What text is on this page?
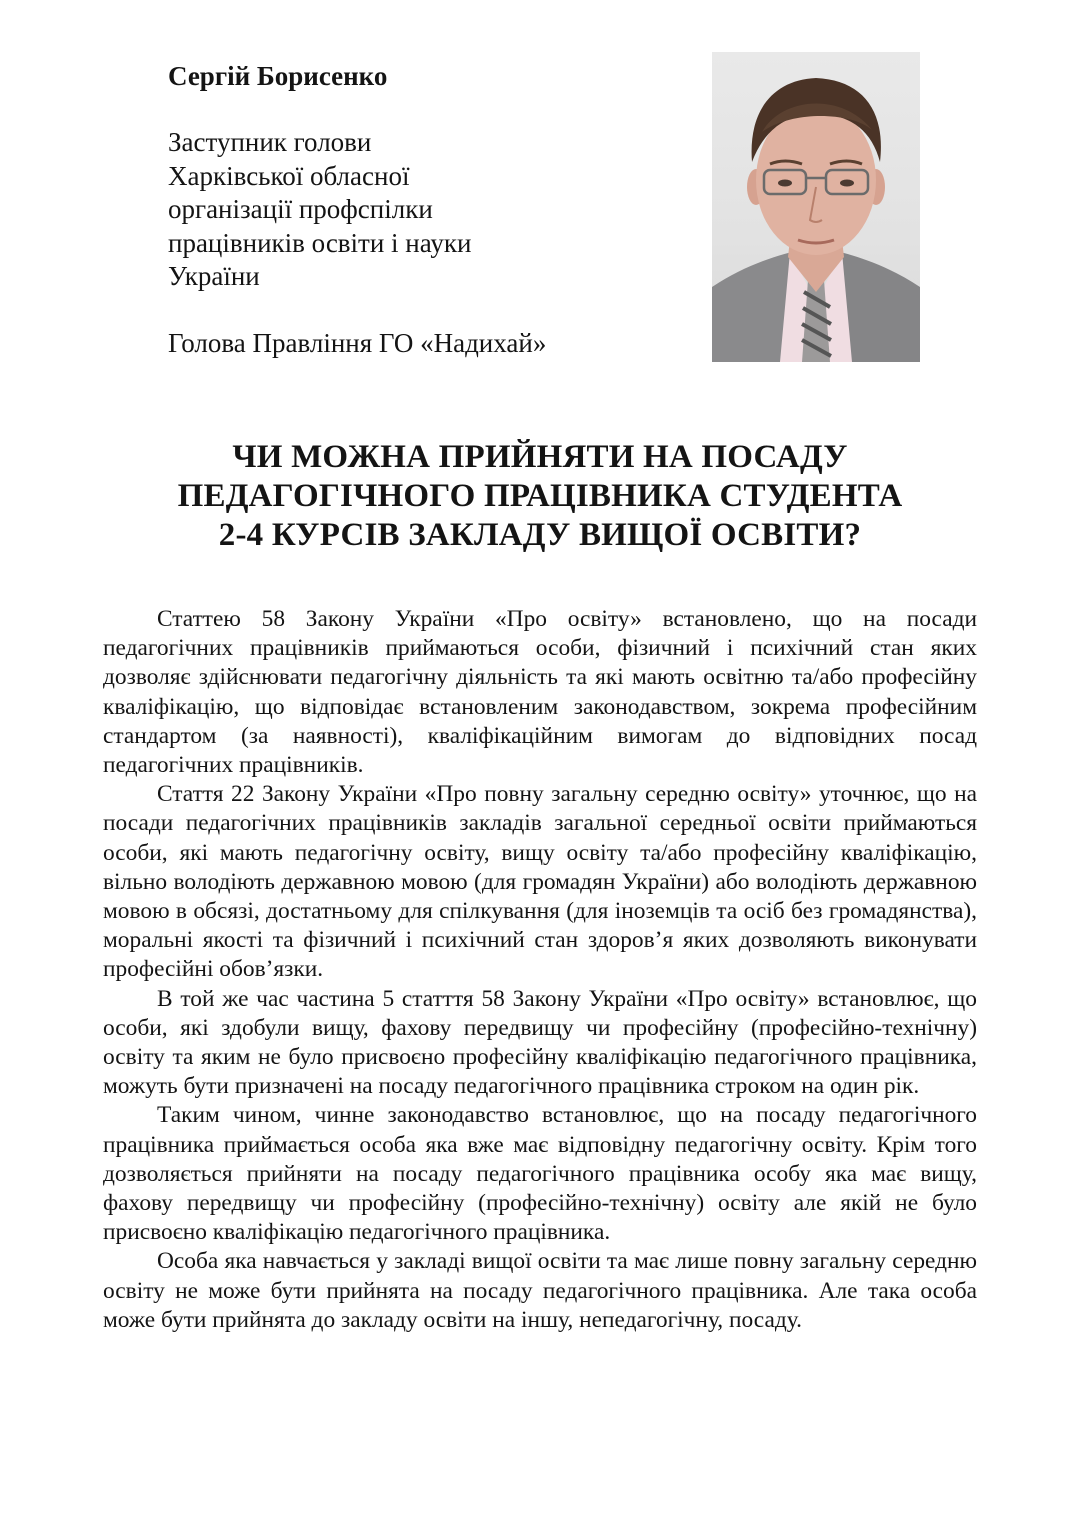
Сергій Борисенко

Заступник голови
Харківської обласної
організації профспілки
працівників освіти і науки
України

Голова Правління ГО «Надихай»

ЧИ МОЖНА ПРИЙНЯТИ НА ПОСАДУ
ПЕДАГОГІЧНОГО ПРАЦІВНИКА СТУДЕНТА
2-4 КУРСІВ ЗАКЛАДУ ВИЩОЇ ОСВІТИ?

Статтею 58 Закону України «Про освіту» встановлено, що на посади педагогічних працівників приймаються особи, фізичний і психічний стан яких дозволяє здійснювати педагогічну діяльність та які мають освітню та/або професійну кваліфікацію, що відповідає встановленим законодавством, зокрема професійним стандартом (за наявності), кваліфікаційним вимогам до відповідних посад педагогічних працівників.

Стаття 22 Закону України «Про повну загальну середню освіту» уточнює, що на посади педагогічних працівників закладів загальної середньої освіти приймаються особи, які мають педагогічну освіту, вищу освіту та/або професійну кваліфікацію, вільно володіють державною мовою (для громадян України) або володіють державною мовою в обсязі, достатньому для спілкування (для іноземців та осіб без громадянства), моральні якості та фізичний і психічний стан здоров’я яких дозволяють виконувати професійні обов’язки.

В той же час частина 5 статття 58 Закону України «Про освіту» встановлює, що особи, які здобули вищу, фахову передвищу чи професійну (професійно-технічну) освіту та яким не було присвоєно професійну кваліфікацію педагогічного працівника, можуть бути призначені на посаду педагогічного працівника строком на один рік.

Таким чином, чинне законодавство встановлює, що на посаду педагогічного працівника приймається особа яка вже має відповідну педагогічну освіту. Крім того дозволяється прийняти на посаду педагогічного працівника особу яка має вищу, фахову передвищу чи професійну (професійно-технічну) освіту але якій не було присвоєно кваліфікацію педагогічного працівника.

Особа яка навчається у закладі вищої освіти та має лише повну загальну середню освіту не може бути прийнята на посаду педагогічного працівника. Але така особа може бути прийнята до закладу освіти на іншу, непедагогічну, посаду.
